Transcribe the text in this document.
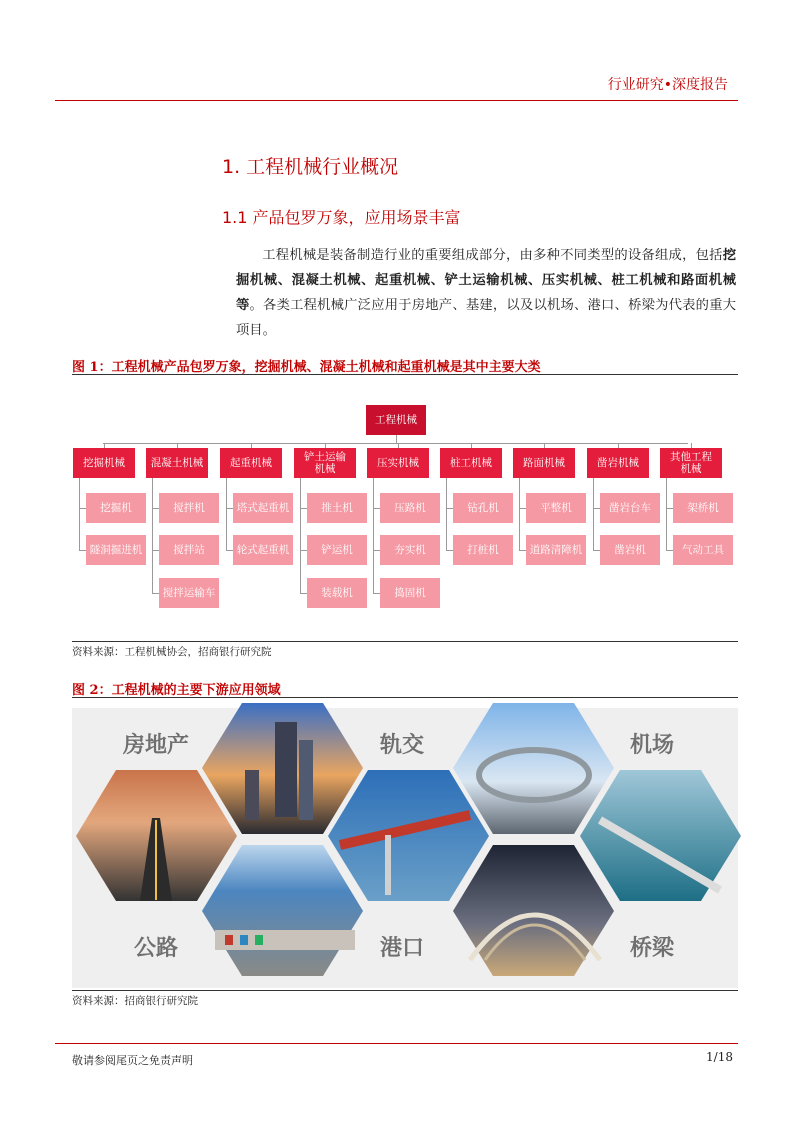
行业研究•深度报告
1. 工程机械行业概况
1.1 产品包罗万象，应用场景丰富
工程机械是装备制造行业的重要组成部分，由多种不同类型的设备组成，包括挖掘机械、混凝土机械、起重机械、铲土运输机械、压实机械、桩工机械和路面机械等。各类工程机械广泛应用于房地产、基建，以及以机场、港口、桥梁为代表的重大项目。
图 1：工程机械产品包罗万象，挖掘机械、混凝土机械和起重机械是其中主要大类
工程机械
挖掘机械
挖掘机
隧洞掘进机
混凝土机械
搅拌机
搅拌站
搅拌运输车
起重机械
塔式起重机
轮式起重机
铲土运输机械
推土机
铲运机
装载机
压实机械
压路机
夯实机
捣固机
桩工机械
钻孔机
打桩机
路面机械
平整机
道路清障机
凿岩机械
凿岩台车
凿岩机
其他工程机械
架桥机
气动工具
资料来源：工程机械协会，招商银行研究院
图 2：工程机械的主要下游应用领域
房地产	轨交	机场
公路	港口	桥梁
资料来源：招商银行研究院
敬请参阅尾页之免责声明	1/18
